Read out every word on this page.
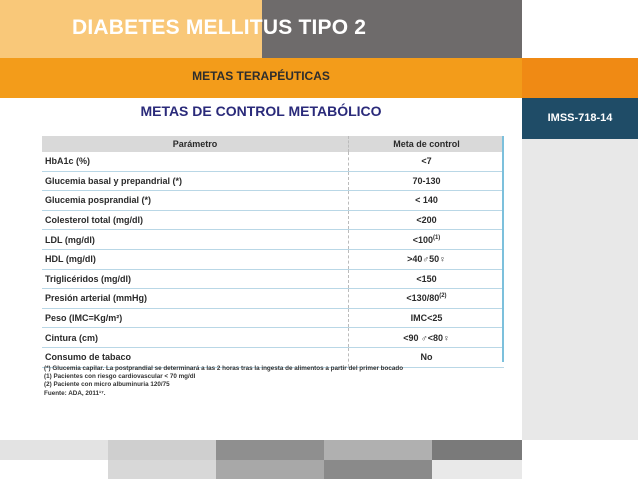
DIABETES MELLITUS TIPO 2
METAS TERAPÉUTICAS
METAS DE CONTROL METABÓLICO	IMSS-718-14
Parámetro	Meta de control
HbA1c (%)	<7
Glucemia basal y prepandrial (*)	70-130
Glucemia posprandial (*)	< 140
Colesterol total (mg/dl)	<200
LDL (mg/dl)	$<100^{(1)}$
HDL (mg/dl)	>40♂50♀
Triglicéridos (mg/dl)	<150
Presión arterial (mmHg)	$<130/80^{(2)}$
Peso (IMC=Kg/m²)	IMC<25
Cintura (cm)	<90 ♂<80♀
Consumo de tabaco	No
(*) Glucemia capilar. La postprandial se determinará a las 2 horas tras la ingesta de alimentos a partir del primer bocado
(1) Pacientes con riesgo cardiovascular < 70 mg/dl
(2) Paciente con micro albuminuria 120/75
Fuente: ADA, 2011¹⁷.
